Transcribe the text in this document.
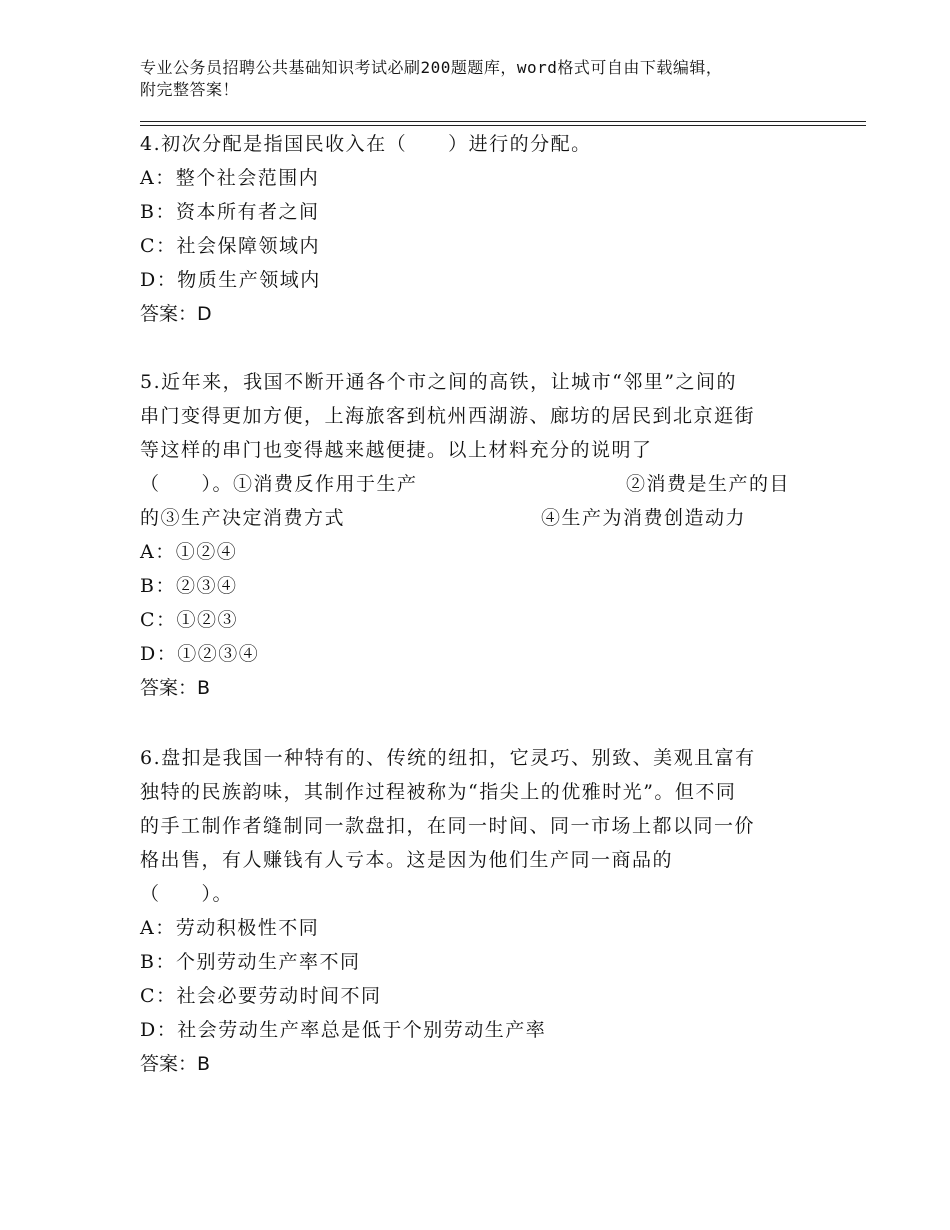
专业公务员招聘公共基础知识考试必刷200题题库，word格式可自由下载编辑，
附完整答案！
4.初次分配是指国民收入在（　　）进行的分配。
A：整个社会范围内
B：资本所有者之间
C：社会保障领域内
D：物质生产领域内
答案：D
5.近年来，我国不断开通各个市之间的高铁，让城市“邻里”之间的
串门变得更加方便，上海旅客到杭州西湖游、廊坊的居民到北京逛街
等这样的串门也变得越来越便捷。以上材料充分的说明了
（　　）。①消费反作用于生产	②消费是生产的目
的③生产决定消费方式	④生产为消费创造动力
A：①②④
B：②③④
C：①②③
D：①②③④
答案：B
6.盘扣是我国一种特有的、传统的纽扣，它灵巧、别致、美观且富有
独特的民族韵味，其制作过程被称为“指尖上的优雅时光”。但不同
的手工制作者缝制同一款盘扣，在同一时间、同一市场上都以同一价
格出售，有人赚钱有人亏本。这是因为他们生产同一商品的
（　　）。
A：劳动积极性不同
B：个别劳动生产率不同
C：社会必要劳动时间不同
D：社会劳动生产率总是低于个别劳动生产率
答案：B
